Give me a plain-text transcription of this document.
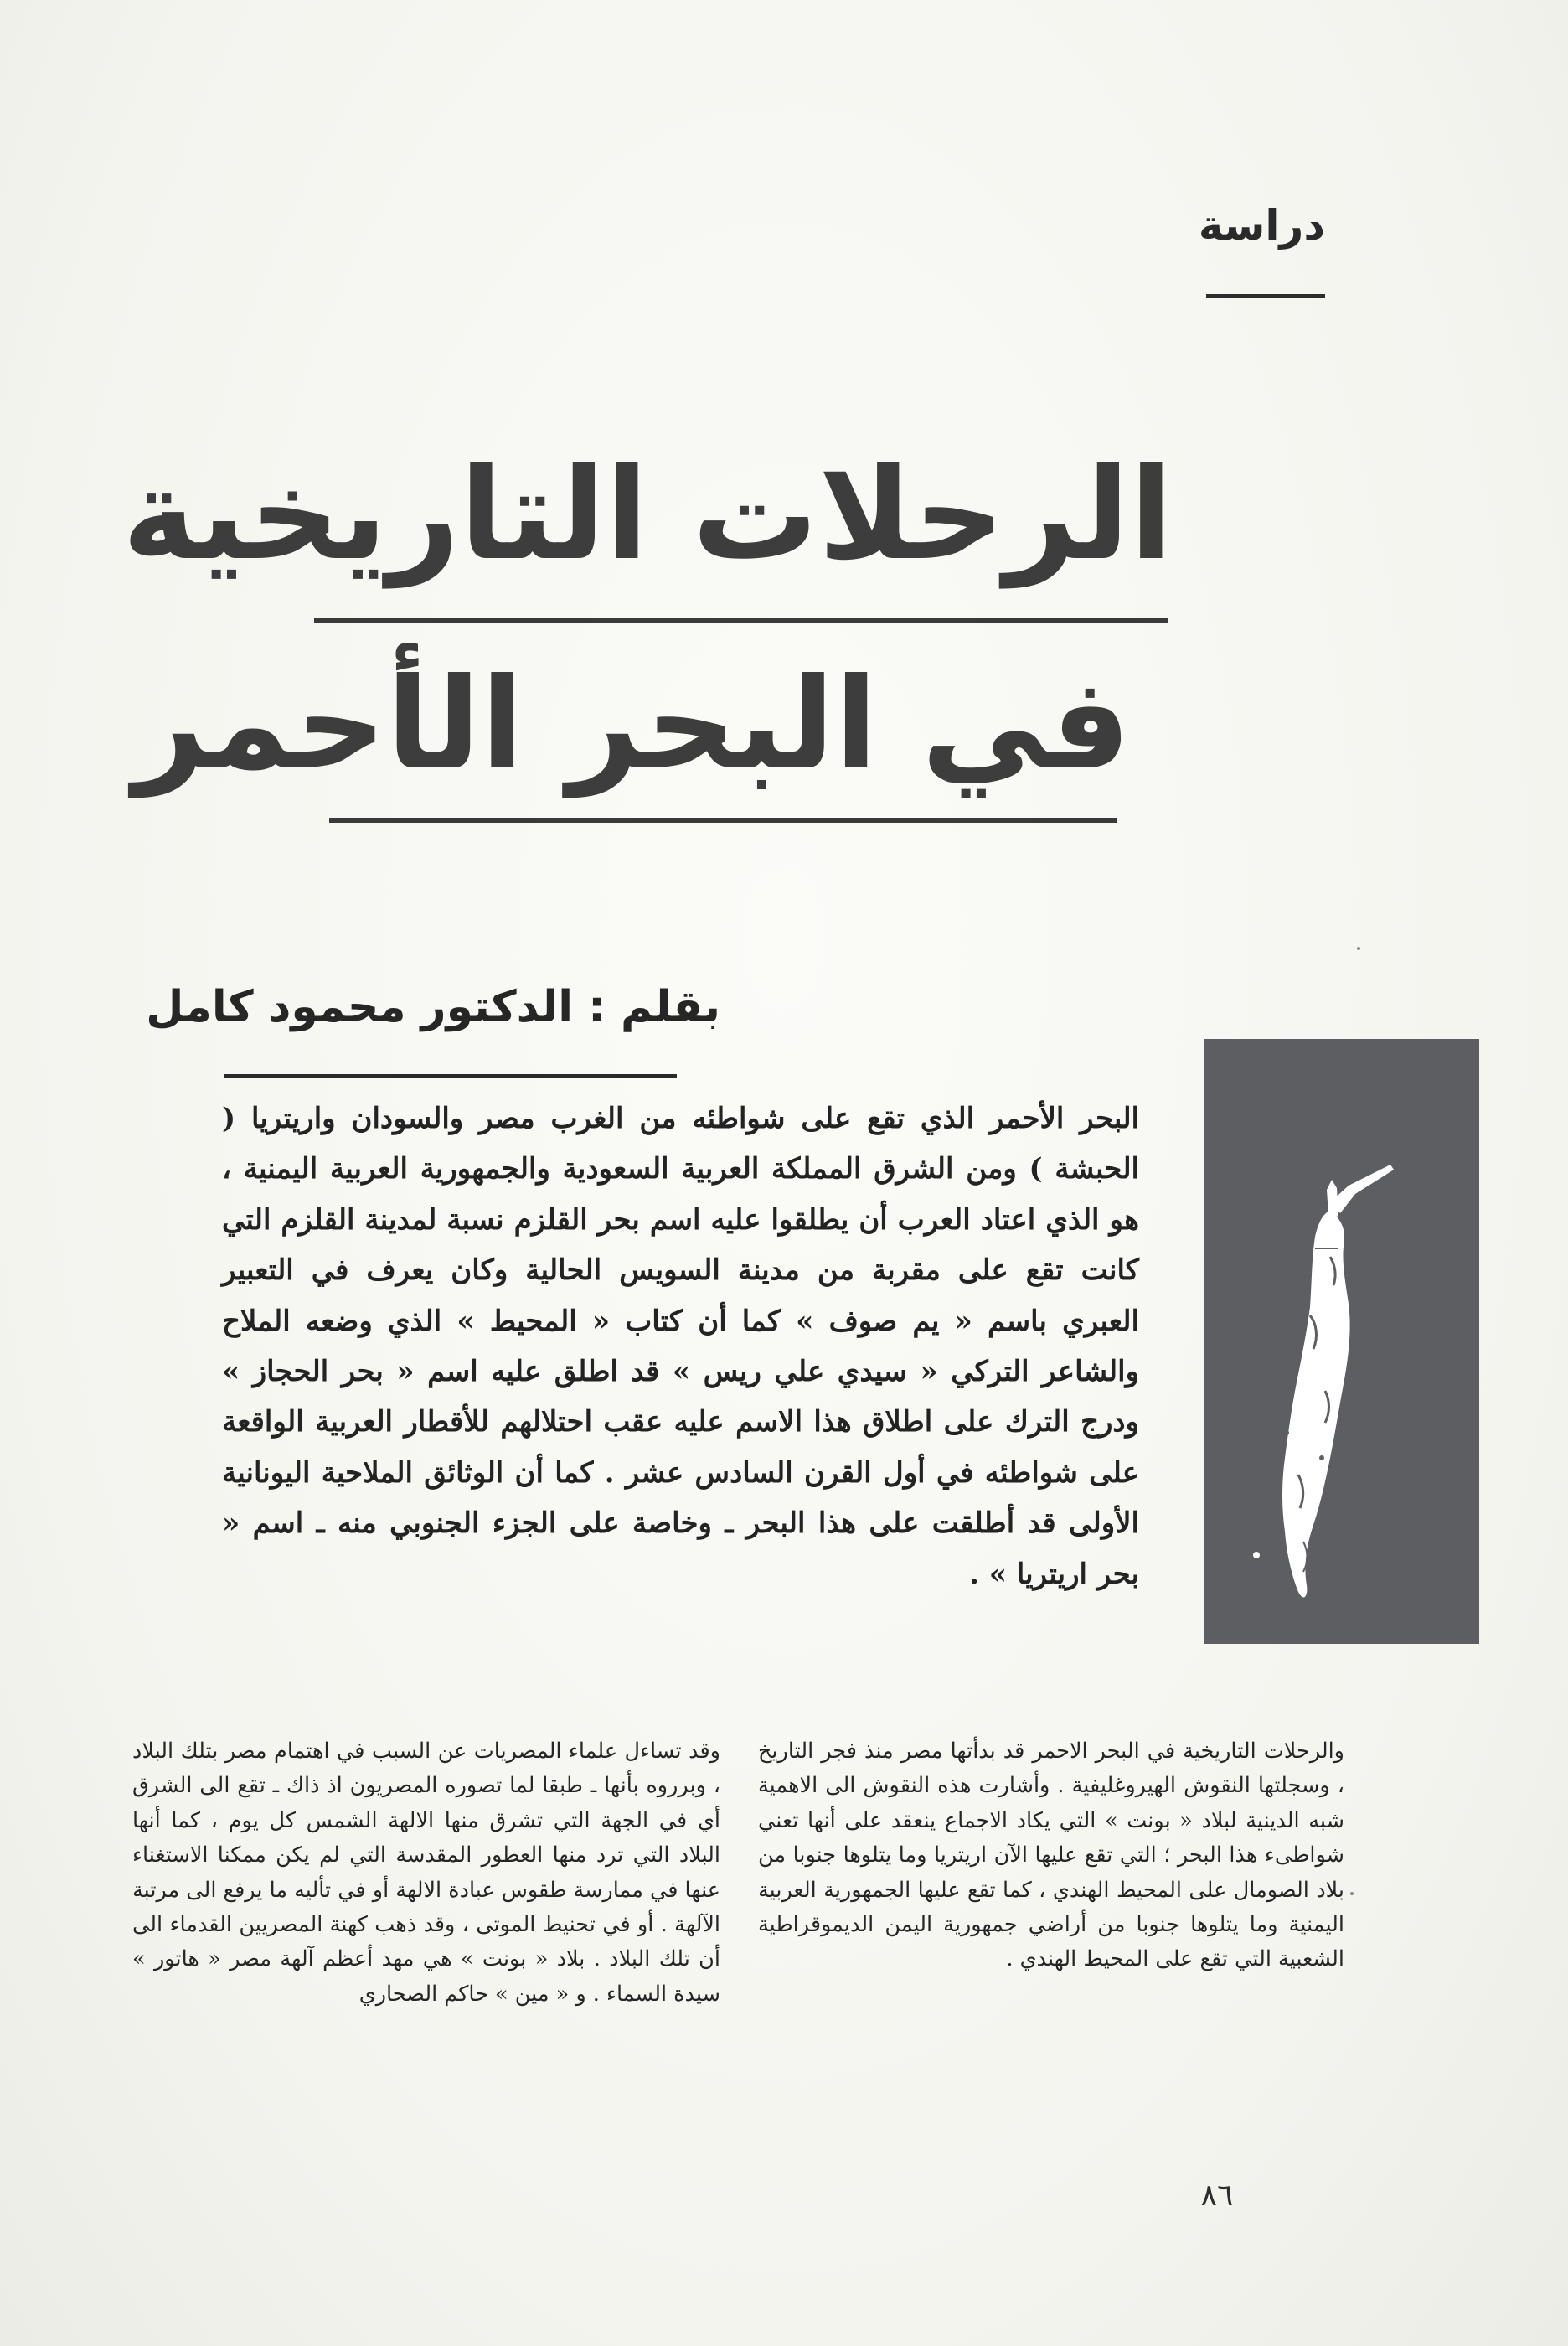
دراسة
الرحلات التاريخية
في البحر الأحمر
بقلم : الدكتور محمود كامل
البحر الأحمر الذي تقع على شواطئه من الغرب مصر والسودان واريتريا ( الحبشة ) ومن الشرق المملكة العربية السعودية والجمهورية العربية اليمنية ، هو الذي اعتاد العرب أن يطلقوا عليه اسم بحر القلزم نسبة لمدينة القلزم التي كانت تقع على مقربة من مدينة السويس الحالية وكان يعرف في التعبير العبري باسم « يم صوف » كما أن كتاب « المحيط » الذي وضعه الملاح والشاعر التركي « سيدي علي ريس » قد اطلق عليه اسم « بحر الحجاز » ودرج الترك على اطلاق هذا الاسم عليه عقب احتلالهم للأقطار العربية الواقعة على شواطئه في أول القرن السادس عشر . كما أن الوثائق الملاحية اليونانية الأولى قد أطلقت على هذا البحر ـ وخاصة على الجزء الجنوبي منه ـ اسم « بحر اريتريا » .
والرحلات التاريخية في البحر الاحمر قد بدأتها مصر منذ فجر التاريخ ، وسجلتها النقوش الهيروغليفية . وأشارت هذه النقوش الى الاهمية شبه الدينية لبلاد « بونت » التي يكاد الاجماع ينعقد على أنها تعني شواطىء هذا البحر ؛ التي تقع عليها الآن اريتريا وما يتلوها جنوبا من بلاد الصومال على المحيط الهندي ، كما تقع عليها الجمهورية العربية اليمنية وما يتلوها جنوبا من أراضي جمهورية اليمن الديموقراطية الشعبية التي تقع على المحيط الهندي .
وقد تساءل علماء المصريات عن السبب في اهتمام مصر بتلك البلاد ، وبرروه بأنها ـ طبقا لما تصوره المصريون اذ ذاك ـ تقع الى الشرق أي في الجهة التي تشرق منها الالهة الشمس كل يوم ، كما أنها البلاد التي ترد منها العطور المقدسة التي لم يكن ممكنا الاستغناء عنها في ممارسة طقوس عبادة الالهة أو في تأليه ما يرفع الى مرتبة الآلهة . أو في تحنيط الموتى ، وقد ذهب كهنة المصريين القدماء الى أن تلك البلاد . بلاد « بونت » هي مهد أعظم آلهة مصر « هاتور » سيدة السماء . و « مين » حاكم الصحاري
٨٦
